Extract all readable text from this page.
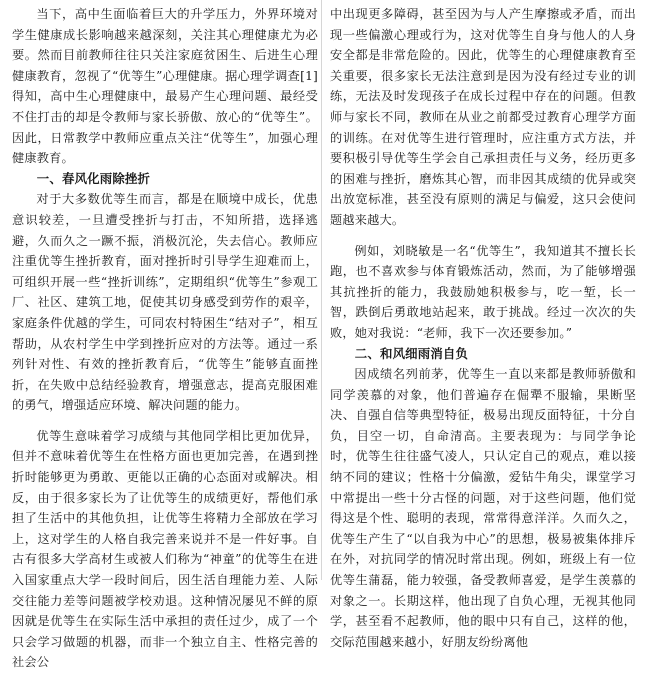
当下，高中生面临着巨大的升学压力，外界环境对学生健康成长影响越来越深刻，关注其心理健康尤为必要。然而目前教师往往只关注家庭贫困生、后进生心理健康教育，忽视了“优等生”心理健康。据心理学调查[1]得知，高中生心理健康中，最易产生心理问题、最经受不住打击的却是令教师与家长骄傲、放心的“优等生”。因此，日常教学中教师应重点关注“优等生”，加强心理健康教育。

一、春风化雨除挫折

对于大多数优等生而言，都是在顺境中成长，优患意识较差，一旦遭受挫折与打击，不知所措，选择逃避，久而久之一蹶不振，消极沉沦，失去信心。教师应注重优等生挫折教育，面对挫折时引导学生迎难而上，可组织开展一些“挫折训练”，定期组织“优等生”参观工厂、社区、建筑工地，促使其切身感受到劳作的艰辛，家庭条件优越的学生，可同农村特困生“结对子”，相互帮助，从农村学生中学到挫折应对的方法等。通过一系列针对性、有效的挫折教育后，“优等生”能够直面挫折，在失败中总结经验教育，增强意志，提高克服困难的勇气，增强适应环境、解决问题的能力。

优等生意味着学习成绩与其他同学相比更加优异，但并不意味着优等生在性格方面也更加完善，在遇到挫折时能够更为勇敢、更能以正确的心态面对或解决。相反，由于很多家长为了让优等生的成绩更好，帮他们承担了生活中的其他负担，让优等生将精力全部放在学习上，这对学生的人格自我完善来说并不是一件好事。自古有很多大学高材生或被人们称为“神童”的优等生在进入国家重点大学一段时间后，因生活自理能力差、人际交往能力差等问题被学校劝退。这种情况屡见不鲜的原因就是优等生在实际生活中承担的责任过少，成了一个只会学习做题的机器，而非一个独立自主、性格完善的社会公

中出现更多障碍，甚至因为与人产生摩擦或矛盾，而出现一些偏激心理或行为，这对优等生自身与他人的人身安全都是非常危险的。因此，优等生的心理健康教育至关重要，很多家长无法注意到是因为没有经过专业的训练，无法及时发现孩子在成长过程中存在的问题。但教师与家长不同，教师在从业之前都受过教育心理学方面的训练。在对优等生进行管理时，应注重方式方法，并要积极引导优等生学会自己承担责任与义务，经历更多的困难与挫折，磨炼其心智，而非因其成绩的优异或突出放宽标准，甚至没有原则的满足与偏爱，这只会使问题越来越大。

例如，刘晓敏是一名“优等生”，我知道其不擅长长跑，也不喜欢参与体育锻炼活动，然而，为了能够增强其抗挫折的能力，我鼓励她积极参与，吃一堑，长一智，跌倒后勇敢地站起来，敢于挑战。经过一次次的失败，她对我说：“老师，我下一次还要参加。”

二、和风细雨消自负

因成绩名列前茅，优等生一直以来都是教师骄傲和同学羡慕的对象，他们普遍存在倔犟不服输，果断坚决、自强自信等典型特征，极易出现反面特征，十分自负，目空一切，自命清高。主要表现为：与同学争论时，优等生往往盛气凌人，只认定自己的观点，难以接纳不同的建议；性格十分偏激，爱钻牛角尖，课堂学习中常提出一些十分古怪的问题，对于这些问题，他们觉得这是个性、聪明的表现，常常得意洋洋。久而久之，优等生产生了“以自我为中心”的思想，极易被集体排斥在外，对抗同学的情况时常出现。例如，班级上有一位优等生蒲磊，能力较强，备受教师喜爱，是学生羡慕的对象之一。长期这样，他出现了自负心理，无视其他同学，甚至看不起教师，他的眼中只有自己，这样的他，交际范围越来越小，好朋友纷纷离他
